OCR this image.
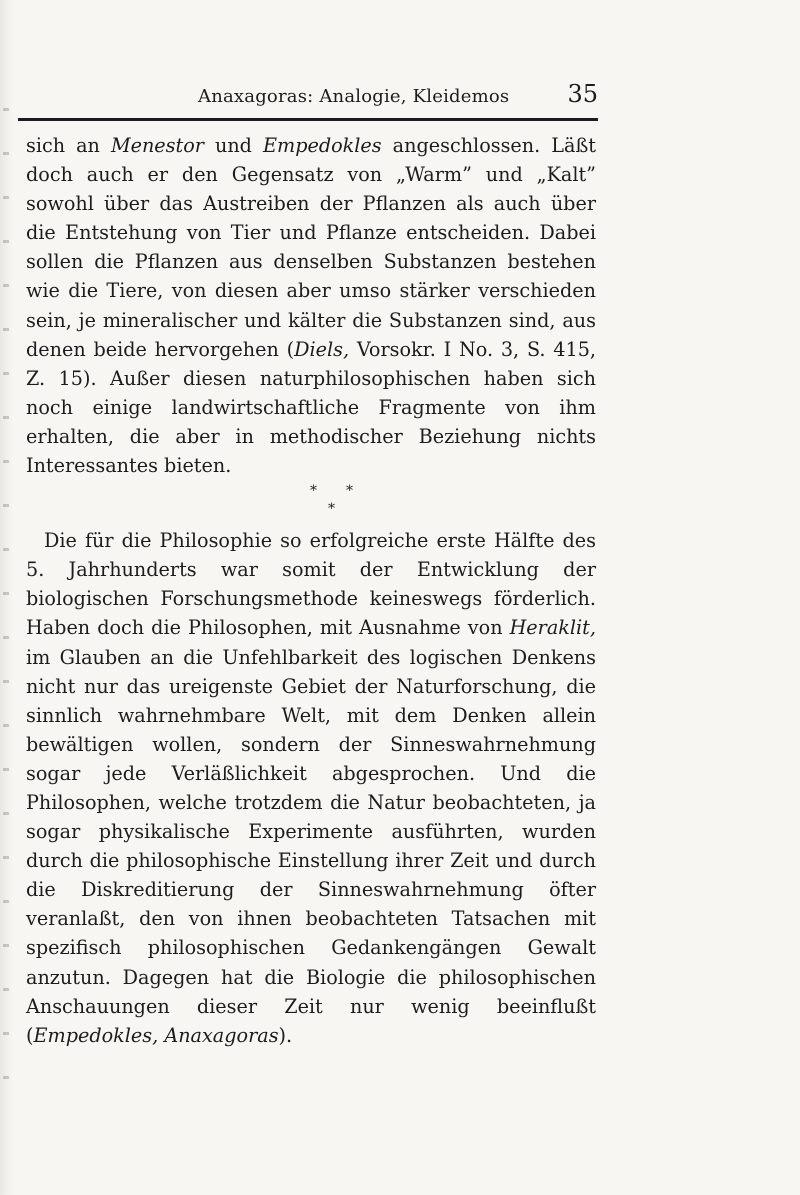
Anaxagoras: Analogie, Kleidemos 35

sich an Menestor und Empedokles angeschlossen. Läßt doch auch er den Gegensatz von „Warm” und „Kalt” sowohl über das Austreiben der Pflanzen als auch über die Entstehung von Tier und Pflanze entscheiden. Dabei sollen die Pflanzen aus denselben Substanzen bestehen wie die Tiere, von diesen aber umso stärker verschieden sein, je mineralischer und kälter die Substanzen sind, aus denen beide hervorgehen (Diels, Vorsokr. I No. 3, S. 415, Z. 15). Außer diesen naturphilosophischen haben sich noch einige landwirtschaftliche Fragmente von ihm erhalten, die aber in methodischer Beziehung nichts Interessantes bieten.

* *
*

Die für die Philosophie so erfolgreiche erste Hälfte des 5. Jahrhunderts war somit der Entwicklung der biologischen Forschungsmethode keineswegs förderlich. Haben doch die Philosophen, mit Ausnahme von Heraklit, im Glauben an die Unfehlbarkeit des logischen Denkens nicht nur das ureigenste Gebiet der Naturforschung, die sinnlich wahrnehmbare Welt, mit dem Denken allein bewältigen wollen, sondern der Sinneswahrnehmung sogar jede Verläßlichkeit abgesprochen. Und die Philosophen, welche trotzdem die Natur beobachteten, ja sogar physikalische Experimente ausführten, wurden durch die philosophische Einstellung ihrer Zeit und durch die Diskreditierung der Sinneswahrnehmung öfter veranlaßt, den von ihnen beobachteten Tatsachen mit spezifisch philosophischen Gedankengängen Gewalt anzutun. Dagegen hat die Biologie die philosophischen Anschauungen dieser Zeit nur wenig beeinflußt (Empedokles, Anaxagoras).
